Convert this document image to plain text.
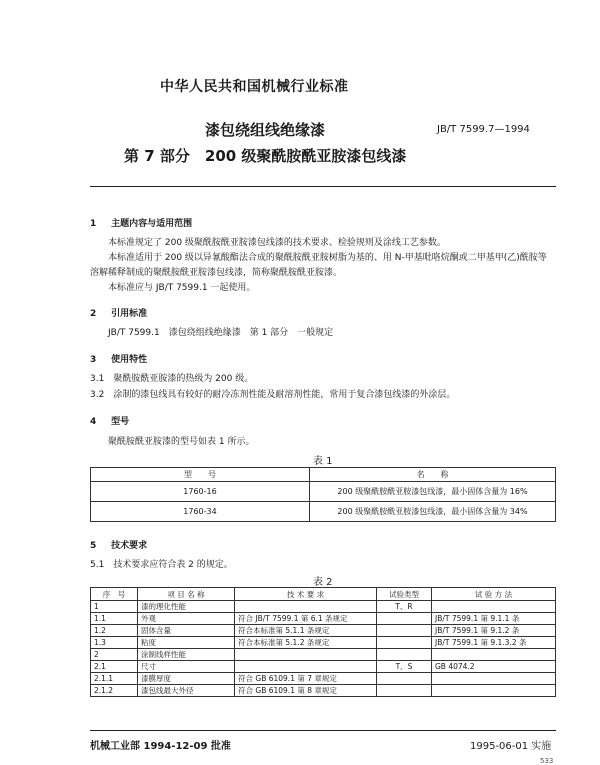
中华人民共和国机械行业标准
漆包绕组线绝缘漆	JB/T 7599.7—1994
第 7 部分　200 级聚酰胺酰亚胺漆包线漆
1 主题内容与适用范围
本标准规定了 200 级聚酰胺酰亚胺漆包线漆的技术要求、检验规则及涂线工艺参数。
本标准适用于 200 级以异氰酸酯法合成的聚酰胺酰亚胺树脂为基的、用 N-甲基吡咯烷酮或二甲基甲(乙)酰胺等溶解稀释制成的聚酰胺酰亚胺漆包线漆，简称聚酰胺酰亚胺漆。
本标准应与 JB/T 7599.1 一起使用。
2 引用标准
JB/T 7599.1　漆包绕组线绝缘漆　第 1 部分　一般规定
3 使用特性
3.1　聚酰胺酰亚胺漆的热级为 200 级。
3.2　涂制的漆包线具有较好的耐冷冻剂性能及耐溶剂性能，常用于复合漆包线漆的外涂层。
4 型号
聚酰胺酰亚胺漆的型号如表 1 所示。
表 1
型　　号	名　　称
1760-16	200 级聚酰胺酰亚胺漆包线漆，最小固体含量为 16%
1760-34	200 级聚酰胺酰亚胺漆包线漆，最小固体含量为 34%
5 技术要求
5.1　技术要求应符合表 2 的规定。
表 2
序　号	项 目 名 称	技 术 要 求	试验类型	试 验 方 法
1	漆的理化性能		T、R	
1.1	外观	符合 JB/T 7599.1 第 6.1 条规定		JB/T 7599.1 第 9.1.1 条
1.2	固体含量	符合本标准第 5.1.1 条规定		JB/T 7599.1 第 9.1.2 条
1.3	粘度	符合本标准第 5.1.2 条规定		JB/T 7599.1 第 9.1.3.2 条
2	涂制线样性能			
2.1	尺寸		T、S	GB 4074.2
2.1.1	漆膜厚度	符合 GB 6109.1 第 7 章规定		
2.1.2	漆包线最大外径	符合 GB 6109.1 第 8 章规定		
机械工业部 1994-12-09 批准	1995-06-01 实施
533
